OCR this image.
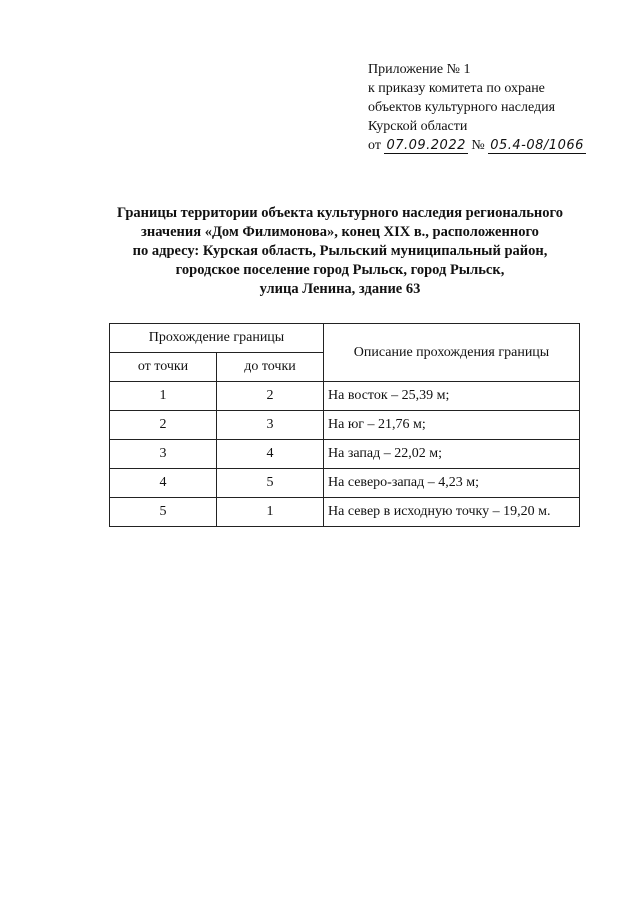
Приложение № 1
к приказу комитета по охране
объектов культурного наследия
Курской области
от 07.09.2022 № 05.4-08/1066
Границы территории объекта культурного наследия регионального
значения «Дом Филимонова», конец XIX в., расположенного
по адресу: Курская область, Рыльский муниципальный район,
городское поселение город Рыльск, город Рыльск,
улица Ленина, здание 63
Прохождение границы		Описание прохождения границы
от точки	до точки	
1	2	На восток – 25,39 м;
2	3	На юг – 21,76 м;
3	4	На запад – 22,02 м;
4	5	На северо-запад – 4,23 м;
5	1	На север в исходную точку – 19,20 м.
